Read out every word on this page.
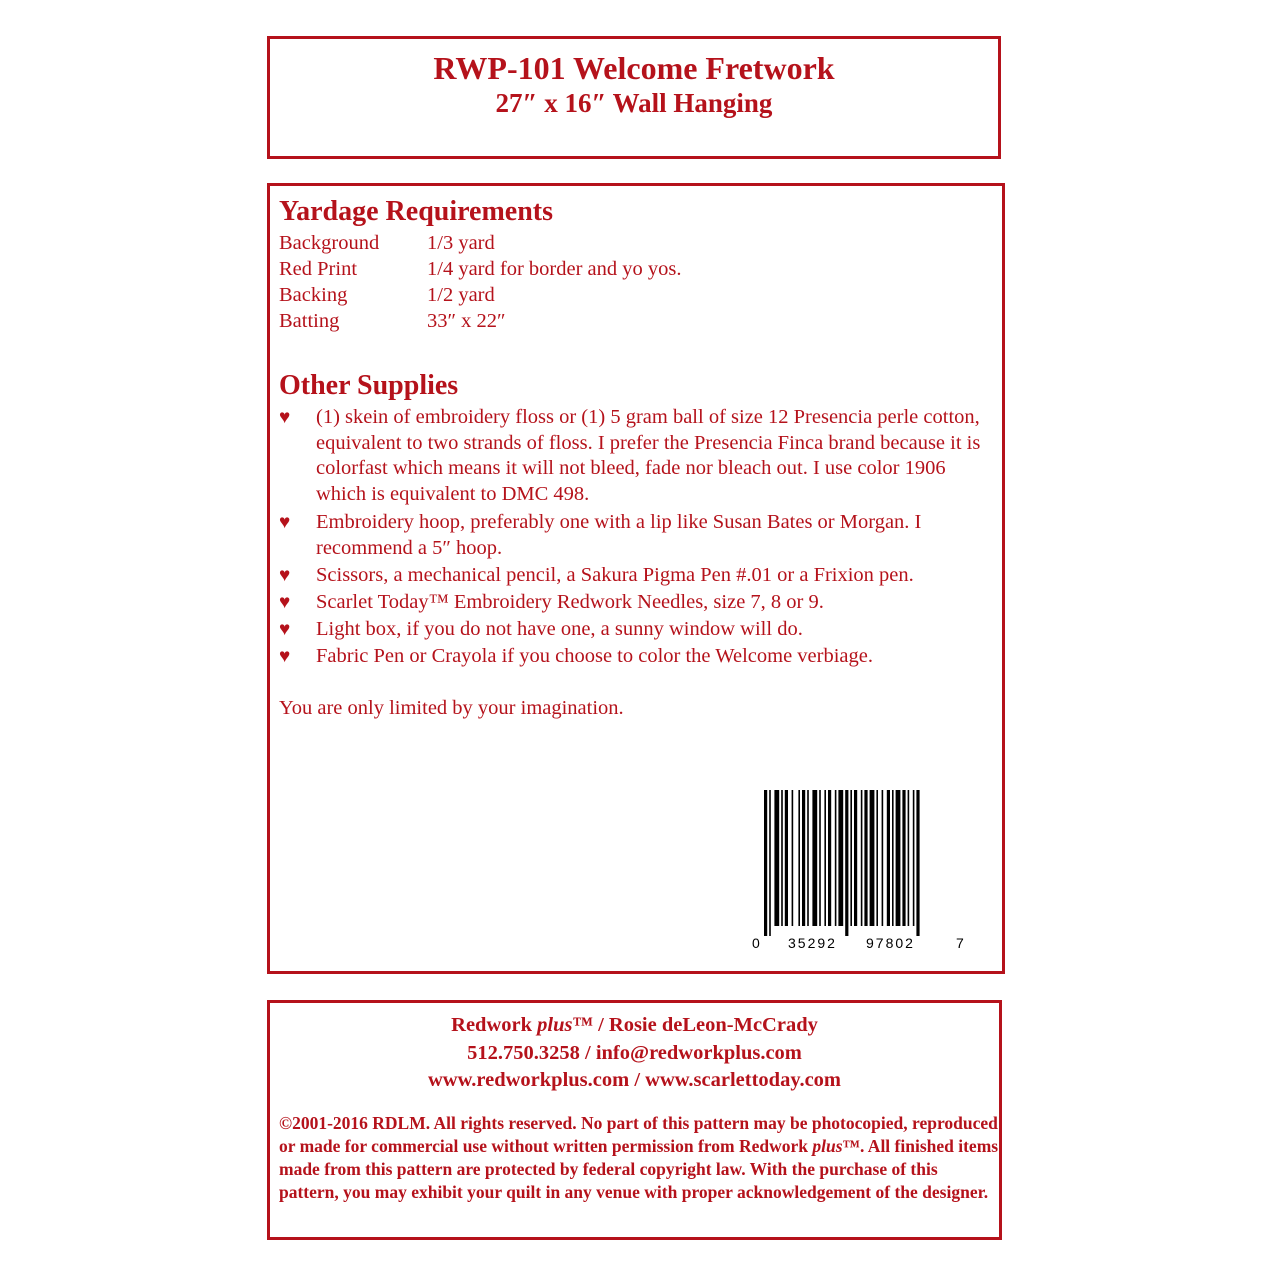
RWP-101 Welcome Fretwork
27″ x 16″ Wall Hanging
Yardage Requirements
Background 1/3 yard
Red Print	1/4 yard for border and yo yos.
Backing	1/2 yard
Batting	33″ x 22″
Other Supplies
♥ (1) skein of embroidery floss or (1) 5 gram ball of size 12 Presencia perle cotton, equivalent to two strands of floss. I prefer the Presencia Finca brand because it is colorfast which means it will not bleed, fade nor bleach out. I use color 1906 which is equivalent to DMC 498.
♥ Embroidery hoop, preferably one with a lip like Susan Bates or Morgan. I recommend a 5″ hoop.
♥ Scissors, a mechanical pencil, a Sakura Pigma Pen #.01 or a Frixion pen.
♥ Scarlet Today™ Embroidery Redwork Needles, size 7, 8 or 9.
♥ Light box, if you do not have one, a sunny window will do.
♥ Fabric Pen or Crayola if you choose to color the Welcome verbiage.
You are only limited by your imagination.
0 35292 97802	7
Redwork plus™ / Rosie deLeon-McCrady
512.750.3258 / info@redworkplus.com
www.redworkplus.com / www.scarlettoday.com
©2001-2016 RDLM. All rights reserved. No part of this pattern may be photocopied, reproduced or made for commercial use without written permission from Redwork plus™. All finished items made from this pattern are protected by federal copyright law. With the purchase of this pattern, you may exhibit your quilt in any venue with proper acknowledgement of the designer.
